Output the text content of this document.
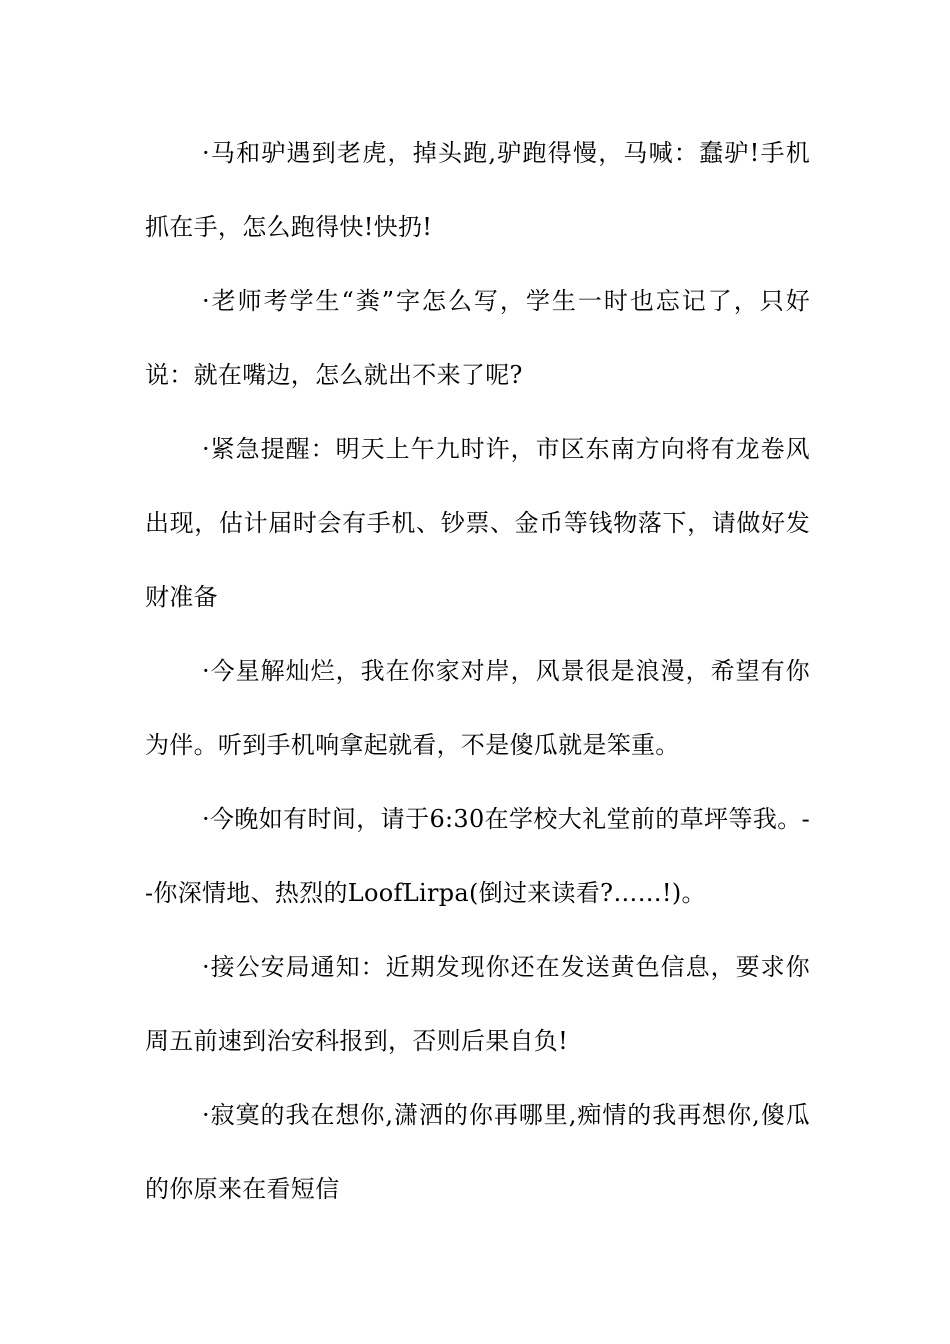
·马和驴遇到老虎，掉头跑,驴跑得慢，马喊：蠢驴!手机抓在手，怎么跑得快!快扔!

·老师考学生“粪”字怎么写，学生一时也忘记了，只好说：就在嘴边，怎么就出不来了呢?

·紧急提醒：明天上午九时许，市区东南方向将有龙卷风出现，估计届时会有手机、钞票、金币等钱物落下，请做好发财准备

·今星解灿烂，我在你家对岸，风景很是浪漫，希望有你为伴。听到手机响拿起就看，不是傻瓜就是笨重。

·今晚如有时间，请于6:30在学校大礼堂前的草坪等我。--你深情地、热烈的LoofLirpa(倒过来读看?……!)。

·接公安局通知：近期发现你还在发送黄色信息，要求你周五前速到治安科报到，否则后果自负!

·寂寞的我在想你,潇洒的你再哪里,痴情的我再想你,傻瓜的你原来在看短信
